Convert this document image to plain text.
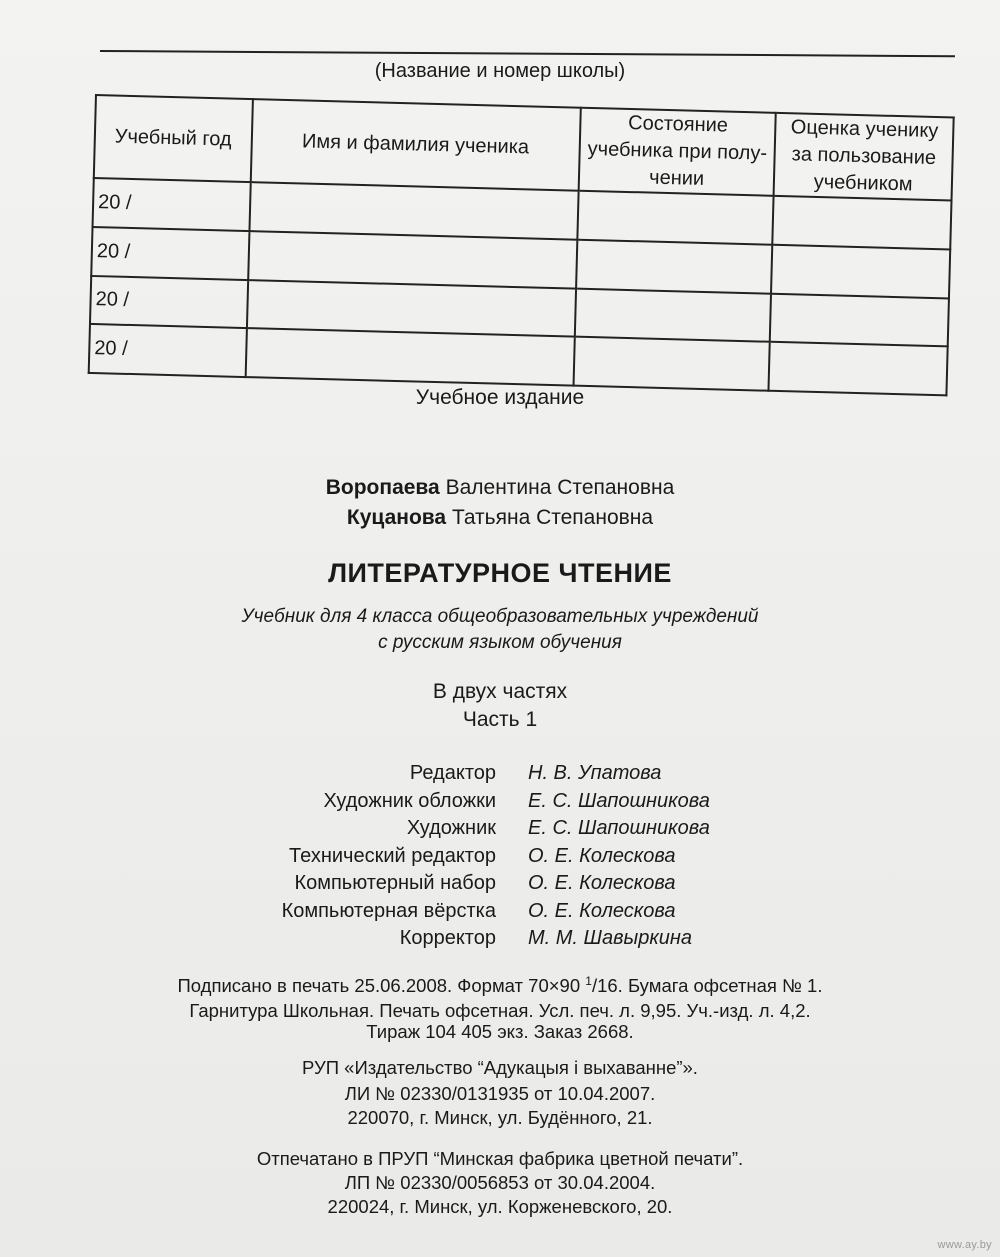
(Название и номер школы)
Учебный год	Имя и фамилия ученика	Состояние учебника при полу- чении	Оценка ученику за пользование учебником
20 /			
20 /			
20 /			
20 /			
Учебное издание
Воропаева Валентина Степановна
Куцанова Татьяна Степановна
ЛИТЕРАТУРНОЕ ЧТЕНИЕ
Учебник для 4 класса общеобразовательных учреждений
с русским языком обучения
В двух частях
Часть 1
Редактор Н. В. Упатова
Художник обложки Е. С. Шапошникова
Художник Е. С. Шапошникова
Технический редактор О. Е. Колескова
Компьютерный набор О. Е. Колескова
Компьютерная вёрстка О. Е. Колескова
Корректор М. М. Шавыркина
Подписано в печать 25.06.2008. Формат 70×90 $^1$/16. Бумага офсетная № 1.
Гарнитура Школьная. Печать офсетная. Усл. печ. л. 9,95. Уч.-изд. л. 4,2.
Тираж 104 405 экз. Заказ 2668.
РУП «Издательство “Адукацыя і выхаванне”».
ЛИ № 02330/0131935 от 10.04.2007.
220070, г. Минск, ул. Будённого, 21.
Отпечатано в ПРУП “Минская фабрика цветной печати”.
ЛП № 02330/0056853 от 30.04.2004.
220024, г. Минск, ул. Корженевского, 20.
www.ay.by
